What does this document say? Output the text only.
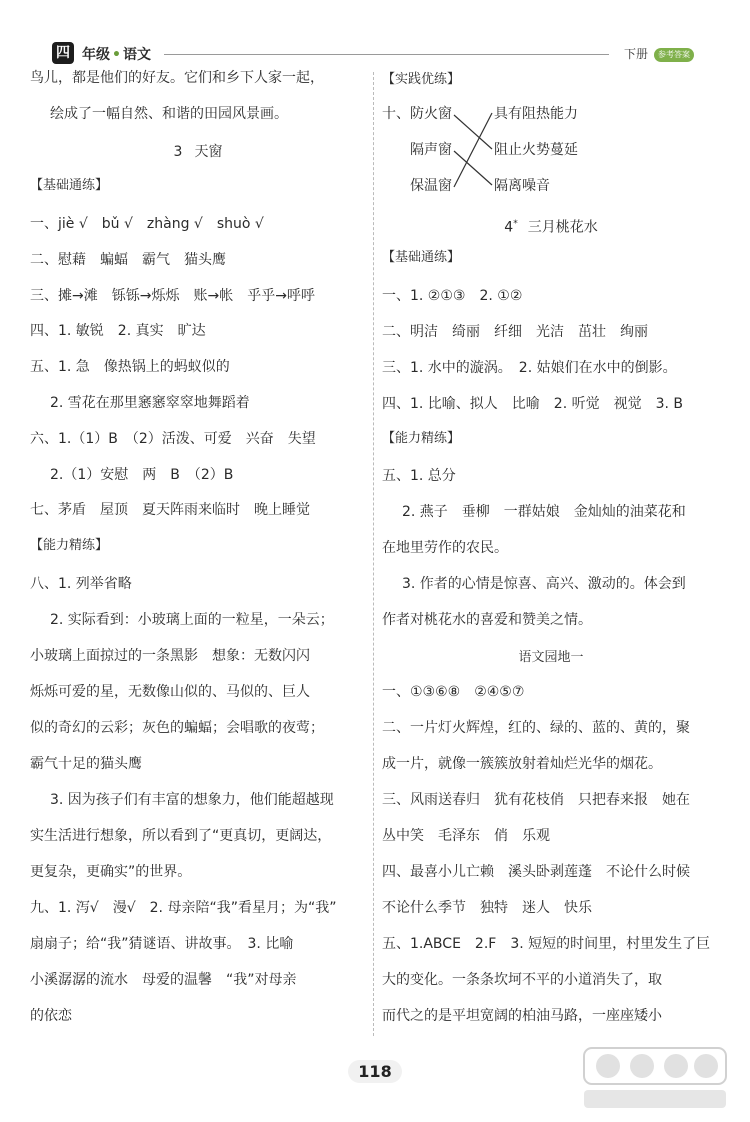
四 年级 • 语文	下册 参考答案
鸟儿，都是他们的好友。它们和乡下人家一起，
绘成了一幅自然、和谐的田园风景画。
3 天窗
【基础通练】
一、jiè √　bǔ √　zhàng √　shuò √
二、慰藉　蝙蝠　霸气　猫头鹰
三、摊→滩　铄铄→烁烁　账→帐　乎乎→呼呼
四、1. 敏锐　2. 真实　旷达
五、1. 急　像热锅上的蚂蚁似的
2. 雪花在那里窸窸窣窣地舞蹈着
六、1.（1）B　（2）活泼、可爱　兴奋　失望
2.（1）安慰　两　B　（2）B
七、茅盾　屋顶　夏天阵雨来临时　晚上睡觉
【能力精练】
八、1. 列举省略
2. 实际看到：小玻璃上面的一粒星，一朵云；
小玻璃上面掠过的一条黑影　想象：无数闪闪
烁烁可爱的星，无数像山似的、马似的、巨人
似的奇幻的云彩；灰色的蝙蝠；会唱歌的夜莺；
霸气十足的猫头鹰
3. 因为孩子们有丰富的想象力，他们能超越现
实生活进行想象，所以看到了“更真切，更阔达，
更复杂，更确实”的世界。
九、1. 泻√　漫√　2. 母亲陪“我”看星月；为“我”
扇扇子；给“我”猜谜语、讲故事。　3. 比喻
小溪潺潺的流水　母爱的温馨　“我”对母亲
的依恋
【实践优练】
十、 防火窗
隔声窗
保温窗
具有阻热能力
阻止火势蔓延
隔离噪音
4* 三月桃花水
【基础通练】
一、1. ②①③　2. ①②
二、明洁　绮丽　纤细　光洁　茁壮　绚丽
三、1. 水中的漩涡。　2. 姑娘们在水中的倒影。
四、1. 比喻、拟人　比喻　2. 听觉　视觉　3. B
【能力精练】
五、1. 总分
2. 燕子　垂柳　一群姑娘　金灿灿的油菜花和
在地里劳作的农民。
3. 作者的心情是惊喜、高兴、激动的。体会到
作者对桃花水的喜爱和赞美之情。
语文园地一
一、①③⑥⑧　②④⑤⑦
二、一片灯火辉煌，红的、绿的、蓝的、黄的，聚
成一片，就像一簇簇放射着灿烂光华的烟花。
三、风雨送春归　犹有花枝俏　只把春来报　她在
丛中笑　毛泽东　俏　乐观
四、最喜小儿亡赖　溪头卧剥莲蓬　不论什么时候
不论什么季节　独特　迷人　快乐
五、1.ABCE　2.F　3. 短短的时间里，村里发生了巨
大的变化。一条条坎坷不平的小道消失了，取
而代之的是平坦宽阔的柏油马路，一座座矮小
118
